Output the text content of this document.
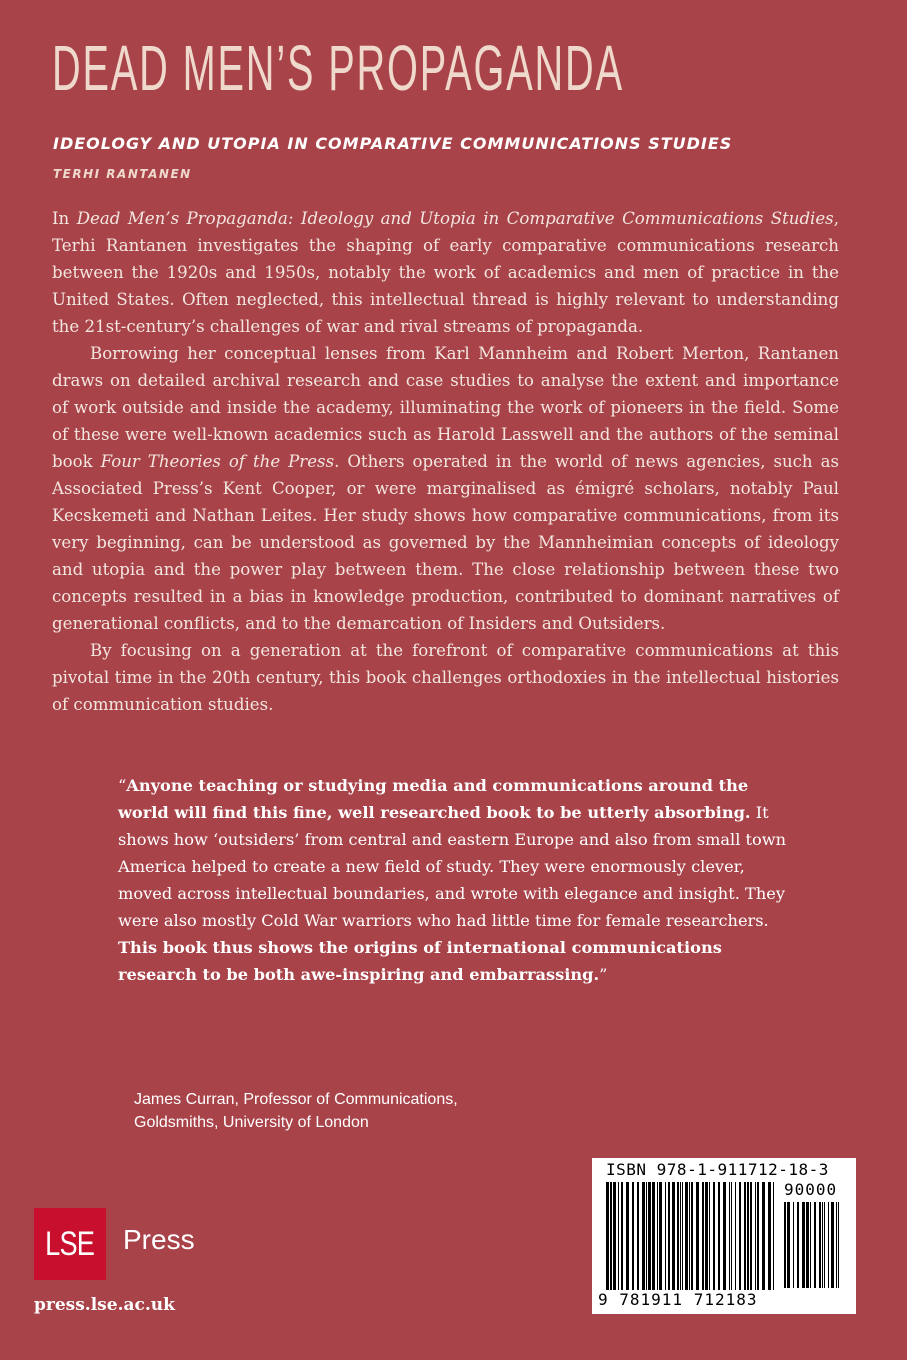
DEAD MEN’S PROPAGANDA
IDEOLOGY AND UTOPIA IN COMPARATIVE COMMUNICATIONS STUDIES
TERHI RANTANEN

In Dead Men’s Propaganda: Ideology and Utopia in Comparative Communications Studies, Terhi Rantanen investigates the shaping of early comparative communications research between the 1920s and 1950s, notably the work of academics and men of practice in the United States. Often neglected, this intellectual thread is highly relevant to understanding the 21st-century’s challenges of war and rival streams of propaganda.

Borrowing her conceptual lenses from Karl Mannheim and Robert Merton, Rantanen draws on detailed archival research and case studies to analyse the extent and importance of work outside and inside the academy, illuminating the work of pioneers in the field. Some of these were well-known academics such as Harold Lasswell and the authors of the seminal book Four Theories of the Press. Others operated in the world of news agencies, such as Associated Press’s Kent Cooper, or were marginalised as émigré scholars, notably Paul Kecskemeti and Nathan Leites. Her study shows how comparative communications, from its very beginning, can be understood as governed by the Mannheimian concepts of ideology and utopia and the power play between them. The close relationship between these two concepts resulted in a bias in knowledge production, contributed to dominant narratives of generational conflicts, and to the demarcation of Insiders and Outsiders.

By focusing on a generation at the forefront of comparative communications at this pivotal time in the 20th century, this book challenges orthodoxies in the intellectual histories of communication studies.

“Anyone teaching or studying media and communications around the world will find this fine, well researched book to be utterly absorbing. It shows how ‘outsiders’ from central and eastern Europe and also from small town America helped to create a new field of study. They were enormously clever, moved across intellectual boundaries, and wrote with elegance and insight. They were also mostly Cold War warriors who had little time for female researchers. This book thus shows the origins of international communications research to be both awe-inspiring and embarrassing.”

James Curran, Professor of Communications,
Goldsmiths, University of London
LSE Press
press.lse.ac.uk
ISBN 978-1-911712-18-3
90000
9 781911 712183
